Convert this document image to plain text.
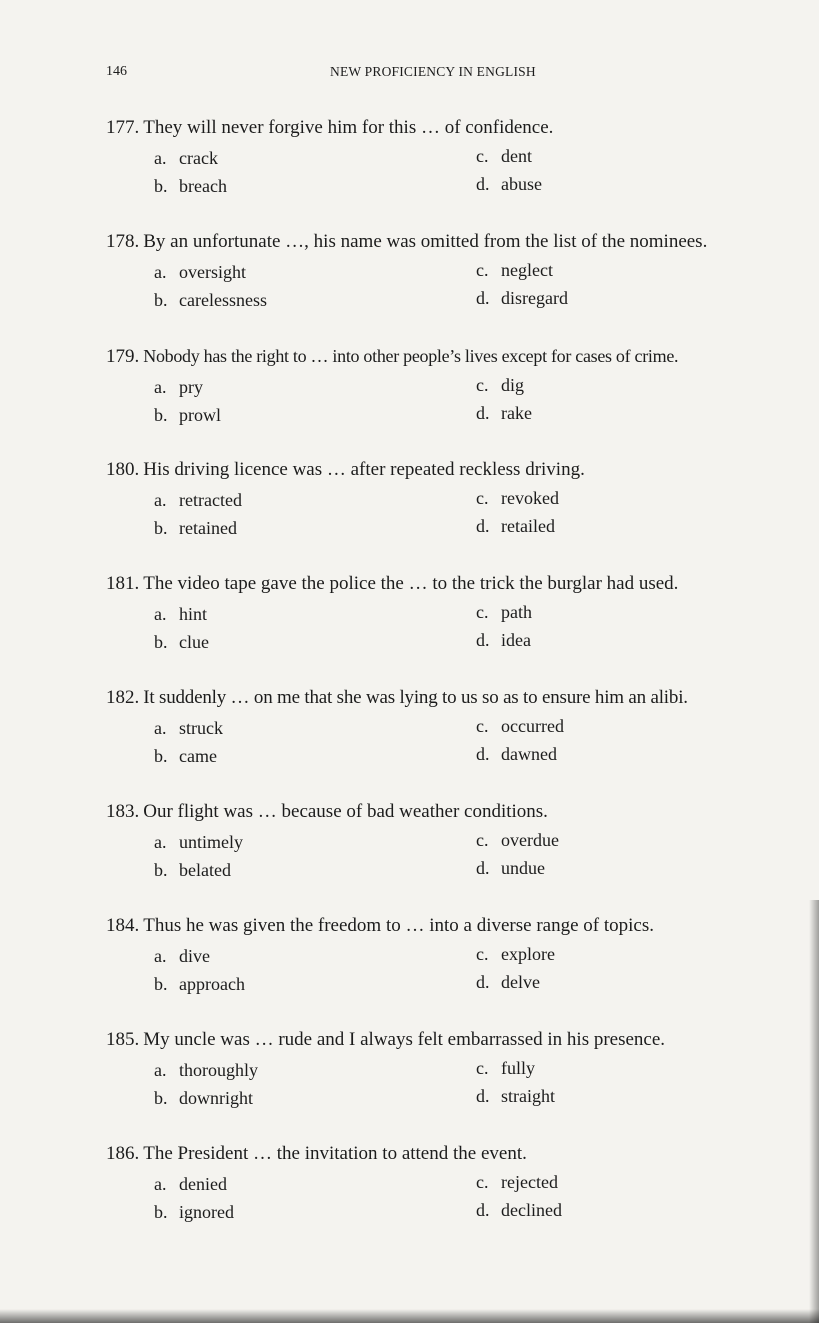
146	NEW PROFICIENCY IN ENGLISH
177. They will never forgive him for this … of confidence.
a. crack
b. breach
c. dent
d. abuse
178. By an unfortunate …, his name was omitted from the list of the nominees.
a. oversight
b. carelessness
c. neglect
d. disregard
179. Nobody has the right to … into other people’s lives except for cases of crime.
a. pry
b. prowl
c. dig
d. rake
180. His driving licence was … after repeated reckless driving.
a. retracted
b. retained
c. revoked
d. retailed
181. The video tape gave the police the … to the trick the burglar had used.
a. hint
b. clue
c. path
d. idea
182. It suddenly … on me that she was lying to us so as to ensure him an alibi.
a. struck
b. came
c. occurred
d. dawned
183. Our flight was … because of bad weather conditions.
a. untimely
b. belated
c. overdue
d. undue
184. Thus he was given the freedom to … into a diverse range of topics.
a. dive
b. approach
c. explore
d. delve
185. My uncle was … rude and I always felt embarrassed in his presence.
a. thoroughly
b. downright
c. fully
d. straight
186. The President … the invitation to attend the event.
a. denied
b. ignored
c. rejected
d. declined
